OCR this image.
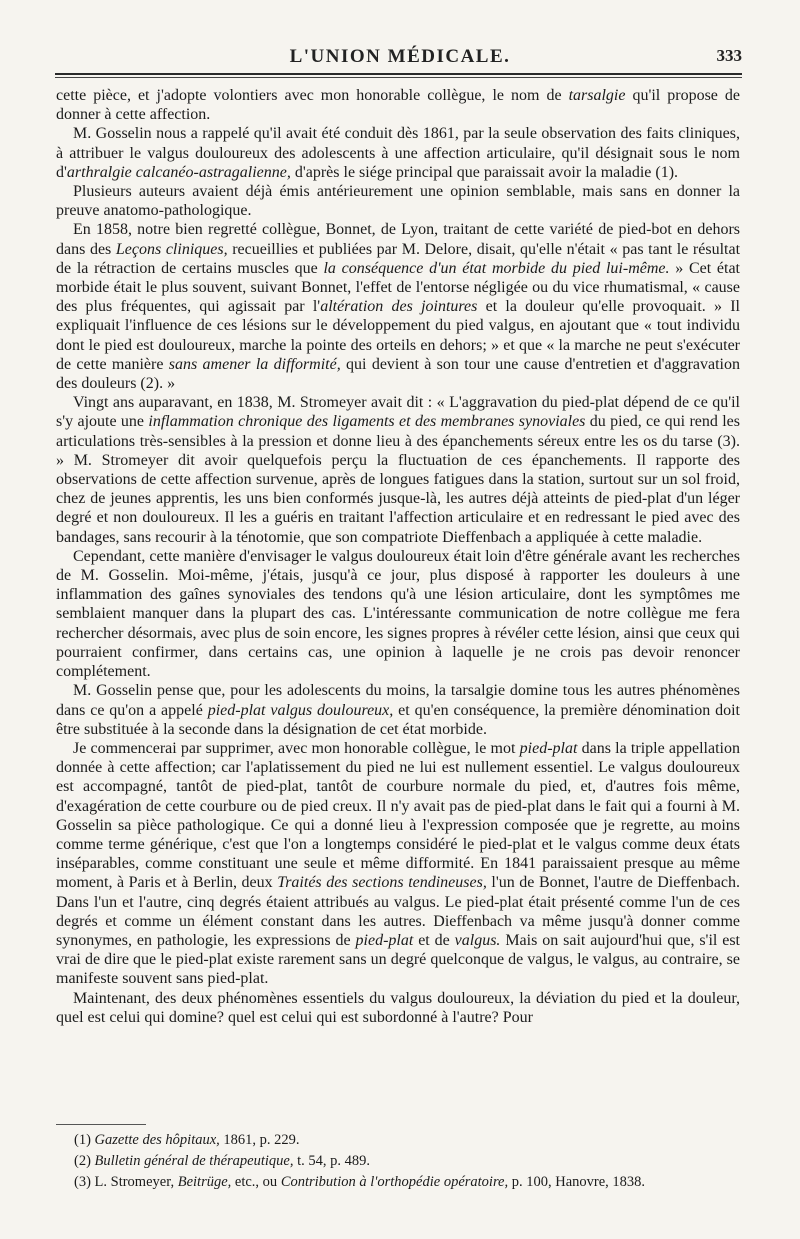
L'UNION MÉDICALE.	333

cette pièce, et j'adopte volontiers avec mon honorable collègue, le nom de tarsalgie qu'il propose de donner à cette affection.

M. Gosselin nous a rappelé qu'il avait été conduit dès 1861, par la seule observation des faits cliniques, à attribuer le valgus douloureux des adolescents à une affection articulaire, qu'il désignait sous le nom d'arthralgie calcanéo-astragalienne, d'après le siége principal que paraissait avoir la maladie (1).

Plusieurs auteurs avaient déjà émis antérieurement une opinion semblable, mais sans en donner la preuve anatomo-pathologique.

En 1858, notre bien regretté collègue, Bonnet, de Lyon, traitant de cette variété de pied-bot en dehors dans des Leçons cliniques, recueillies et publiées par M. Delore, disait, qu'elle n'était « pas tant le résultat de la rétraction de certains muscles que la conséquence d'un état morbide du pied lui-même. » Cet état morbide était le plus souvent, suivant Bonnet, l'effet de l'entorse négligée ou du vice rhumatismal, « cause des plus fréquentes, qui agissait par l'altération des jointures et la douleur qu'elle provoquait. » Il expliquait l'influence de ces lésions sur le développement du pied valgus, en ajoutant que « tout individu dont le pied est douloureux, marche la pointe des orteils en dehors; » et que « la marche ne peut s'exécuter de cette manière sans amener la difformité, qui devient à son tour une cause d'entretien et d'aggravation des douleurs (2). »

Vingt ans auparavant, en 1838, M. Stromeyer avait dit : « L'aggravation du pied-plat dépend de ce qu'il s'y ajoute une inflammation chronique des ligaments et des membranes synoviales du pied, ce qui rend les articulations très-sensibles à la pression et donne lieu à des épanchements séreux entre les os du tarse (3). » M. Stromeyer dit avoir quelquefois perçu la fluctuation de ces épanchements. Il rapporte des observations de cette affection survenue, après de longues fatigues dans la station, surtout sur un sol froid, chez de jeunes apprentis, les uns bien conformés jusque-là, les autres déjà atteints de pied-plat d'un léger degré et non douloureux. Il les a guéris en traitant l'affection articulaire et en redressant le pied avec des bandages, sans recourir à la ténotomie, que son compatriote Dieffenbach a appliquée à cette maladie.

Cependant, cette manière d'envisager le valgus douloureux était loin d'être générale avant les recherches de M. Gosselin. Moi-même, j'étais, jusqu'à ce jour, plus disposé à rapporter les douleurs à une inflammation des gaînes synoviales des tendons qu'à une lésion articulaire, dont les symptômes me semblaient manquer dans la plupart des cas. L'intéressante communication de notre collègue me fera rechercher désormais, avec plus de soin encore, les signes propres à révéler cette lésion, ainsi que ceux qui pourraient confirmer, dans certains cas, une opinion à laquelle je ne crois pas devoir renoncer complétement.

M. Gosselin pense que, pour les adolescents du moins, la tarsalgie domine tous les autres phénomènes dans ce qu'on a appelé pied-plat valgus douloureux, et qu'en conséquence, la première dénomination doit être substituée à la seconde dans la désignation de cet état morbide.

Je commencerai par supprimer, avec mon honorable collègue, le mot pied-plat dans la triple appellation donnée à cette affection; car l'aplatissement du pied ne lui est nullement essentiel. Le valgus douloureux est accompagné, tantôt de pied-plat, tantôt de courbure normale du pied, et, d'autres fois même, d'exagération de cette courbure ou de pied creux. Il n'y avait pas de pied-plat dans le fait qui a fourni à M. Gosselin sa pièce pathologique. Ce qui a donné lieu à l'expression composée que je regrette, au moins comme terme générique, c'est que l'on a longtemps considéré le pied-plat et le valgus comme deux états inséparables, comme constituant une seule et même difformité. En 1841 paraissaient presque au même moment, à Paris et à Berlin, deux Traités des sections tendineuses, l'un de Bonnet, l'autre de Dieffenbach. Dans l'un et l'autre, cinq degrés étaient attribués au valgus. Le pied-plat était présenté comme l'un de ces degrés et comme un élément constant dans les autres. Dieffenbach va même jusqu'à donner comme synonymes, en pathologie, les expressions de pied-plat et de valgus. Mais on sait aujourd'hui que, s'il est vrai de dire que le pied-plat existe rarement sans un degré quelconque de valgus, le valgus, au contraire, se manifeste souvent sans pied-plat.

Maintenant, des deux phénomènes essentiels du valgus douloureux, la déviation du pied et la douleur, quel est celui qui domine? quel est celui qui est subordonné à l'autre? Pour

(1) Gazette des hôpitaux, 1861, p. 229.
(2) Bulletin général de thérapeutique, t. 54, p. 489.
(3) L. Stromeyer, Beitrüge, etc., ou Contribution à l'orthopédie opératoire, p. 100, Hanovre, 1838.
